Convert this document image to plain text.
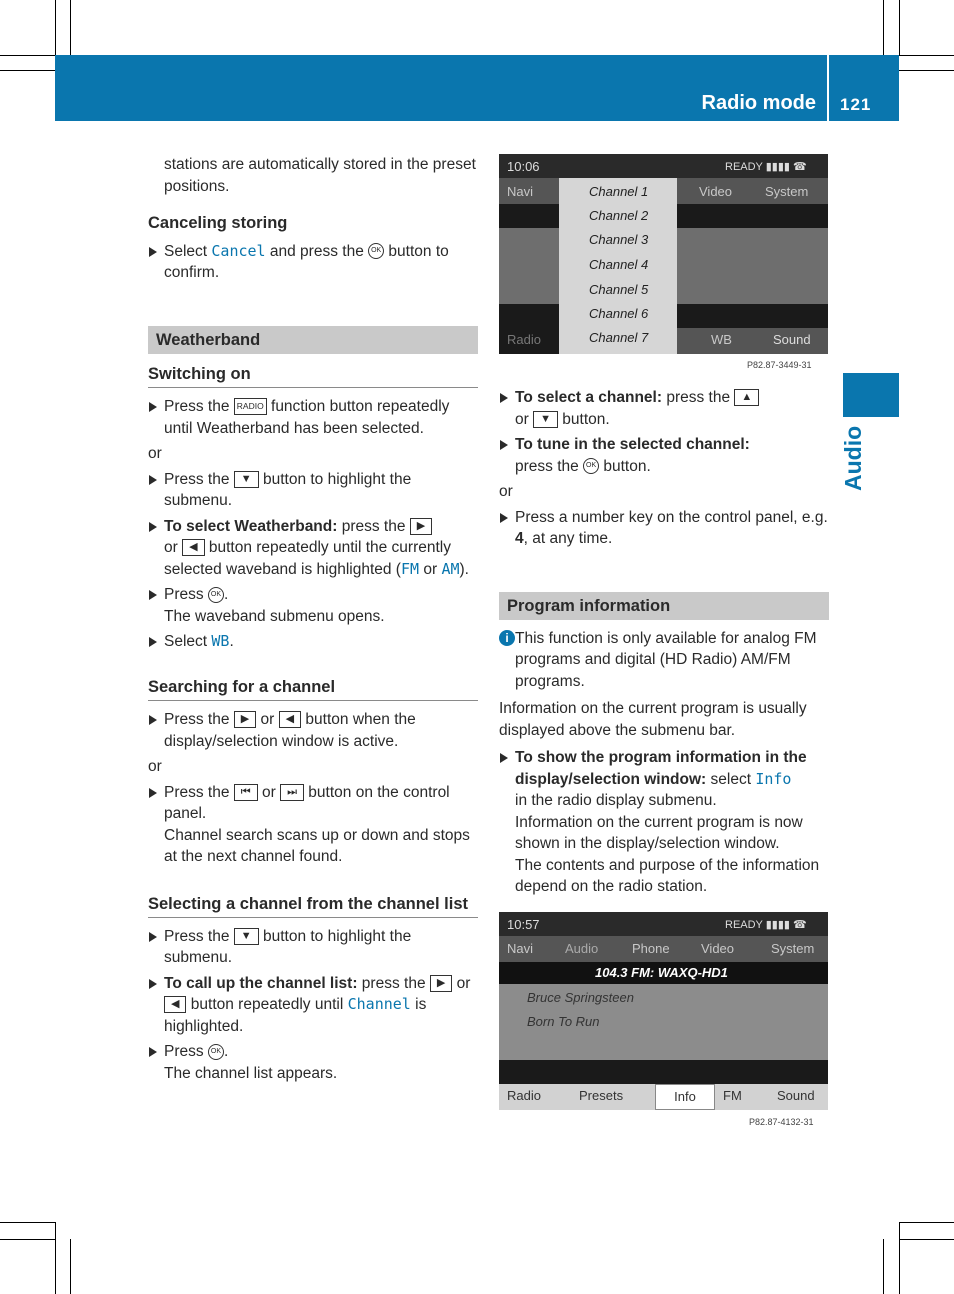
Radio mode 121
Audio

stations are automatically stored in the preset positions.

Canceling storing

Select Cancel and press the OK button to confirm.

Weatherband

Switching on

Press the RADIO function button repeatedly until Weatherband has been selected.

or

Press the ▼ button to highlight the submenu.

To select Weatherband: press the ▶
or ◀ button repeatedly until the currently selected waveband is highlighted (FM or AM).

Press OK .
The waveband submenu opens.

Select WB.

Searching for a channel

Press the ▶ or ◀ button when the display/selection window is active.

or

Press the ⏮ or ⏭ button on the control panel.
Channel search scans up or down and stops at the next channel found.

Selecting a channel from the channel list

Press the ▼ button to highlight the submenu.

To call up the channel list: press the ▶ or ◀ button repeatedly until Channel is highlighted.

Press OK .
The channel list appears.

10:06	READY ▮▮▮▮ ☎
Navi	Video	System
Channel 1
Channel 2
Channel 3
Channel 4
Channel 5
Channel 6
Channel 7
Radio	WB	Sound
P82.87-3449-31

To select a channel: press the ▲
or ▼ button.

To tune in the selected channel:
press the OK button.

or

Press a number key on the control panel, e.g. 4, at any time.

Program information

i This function is only available for analog FM programs and digital (HD Radio) AM/FM programs.

Information on the current program is usually displayed above the submenu bar.

To show the program information in the display/selection window: select Info
in the radio display submenu.
Information on the current program is now shown in the display/selection window.
The contents and purpose of the information depend on the radio station.

10:57	READY ▮▮▮▮ ☎
Navi Audio	Phone Video	System
104.3 FM: WAXQ-HD1
Bruce Springsteen
Born To Run
Radio	Presets	Info	FM	Sound
P82.87-4132-31
